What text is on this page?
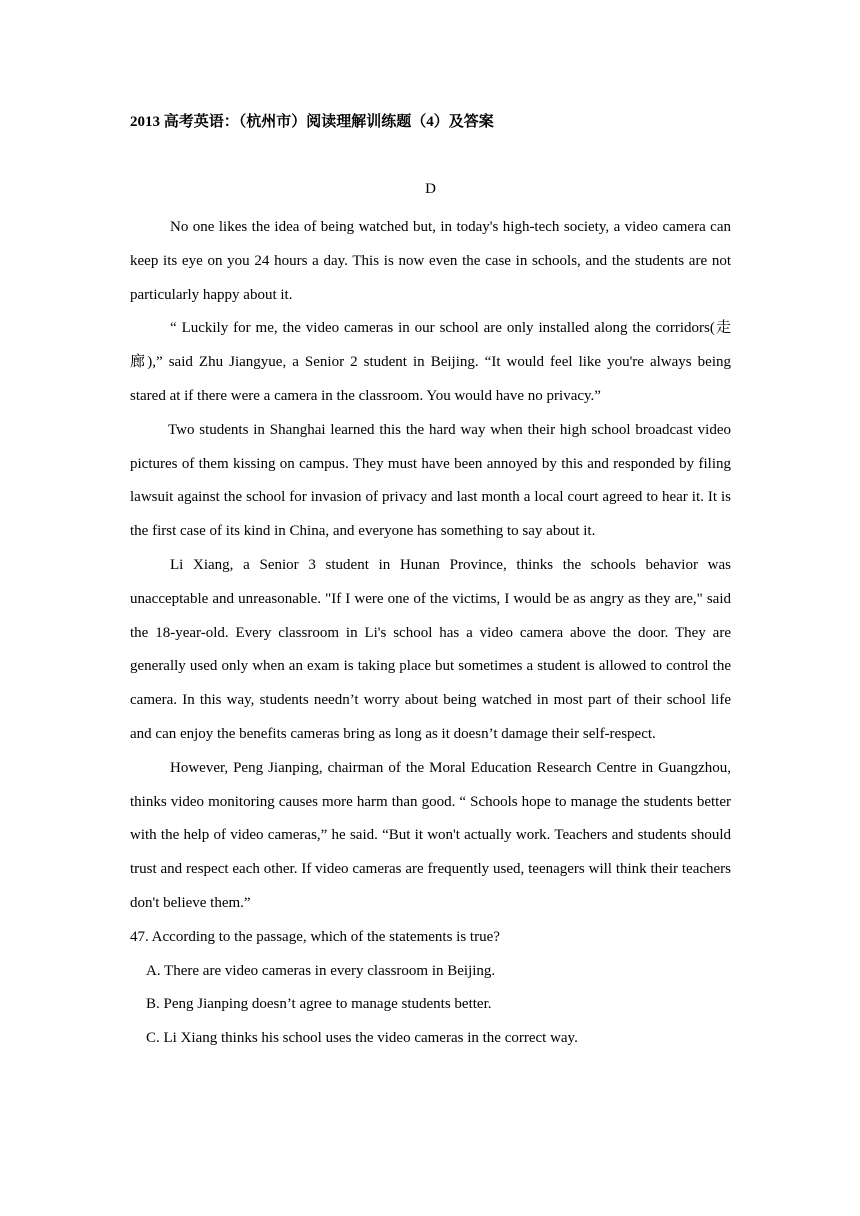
2013 高考英语：（杭州市）阅读理解训练题（4）及答案
D

No one likes the idea of being watched but, in today's high-tech society, a video camera can keep its eye on you 24 hours a day. This is now even the case in schools, and the students are not particularly happy about it.

“ Luckily for me, the video cameras in our school are only installed along the corridors(走廊),” said Zhu Jiangyue, a Senior 2 student in Beijing. “It would feel like you're always being stared at if there were a camera in the classroom. You would have no privacy.”

Two students in Shanghai learned this the hard way when their high school broadcast video pictures of them kissing on campus. They must have been annoyed by this and responded by filing lawsuit against the school for invasion of privacy and last month a local court agreed to hear it. It is the first case of its kind in China, and everyone has something to say about it.

Li Xiang, a Senior 3 student in Hunan Province, thinks the schools behavior was unacceptable and unreasonable. "If I were one of the victims, I would be as angry as they are," said the 18-year-old. Every classroom in Li's school has a video camera above the door. They are generally used only when an exam is taking place but sometimes a student is allowed to control the camera. In this way, students needn’t worry about being watched in most part of their school life and can enjoy the benefits cameras bring as long as it doesn’t damage their self-respect.

However, Peng Jianping, chairman of the Moral Education Research Centre in Guangzhou, thinks video monitoring causes more harm than good. “ Schools hope to manage the students better with the help of video cameras,” he said. “But it won't actually work. Teachers and students should trust and respect each other. If video cameras are frequently used, teenagers will think their teachers don't believe them.”

47. According to the passage, which of the statements is true?

A. There are video cameras in every classroom in Beijing.

B. Peng Jianping doesn’t agree to manage students better.

C. Li Xiang thinks his school uses the video cameras in the correct way.
